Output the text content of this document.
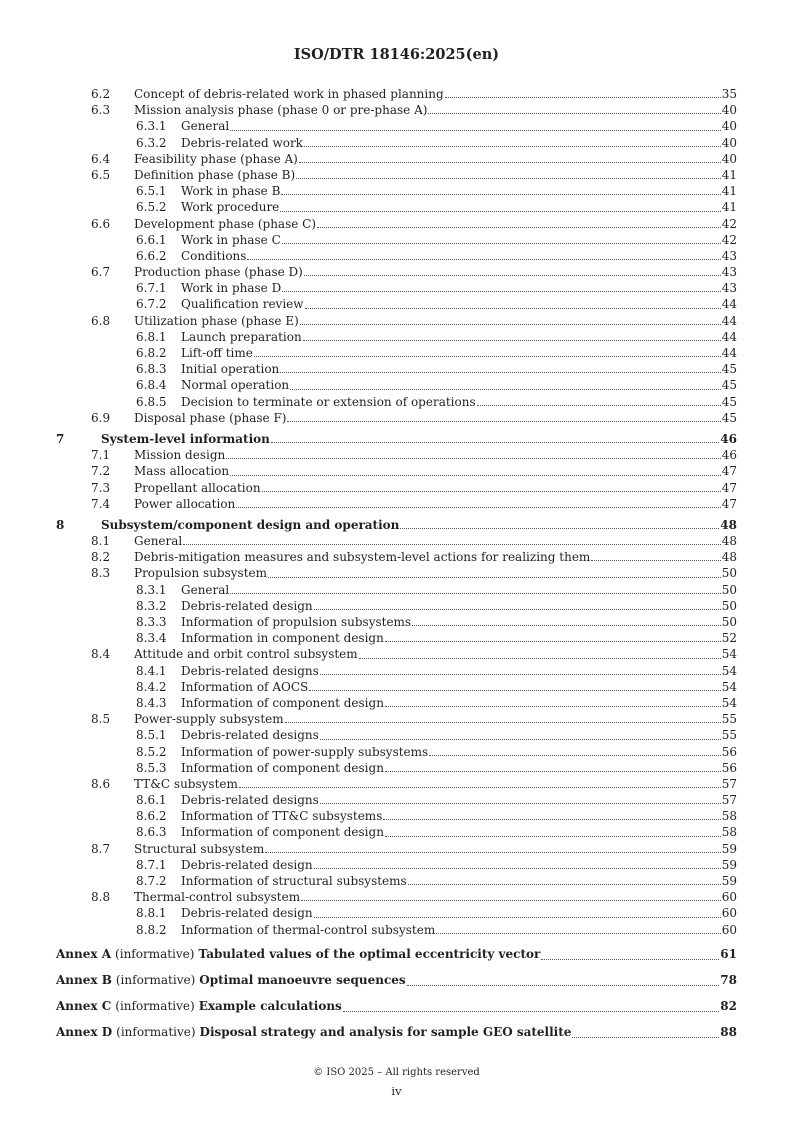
ISO/DTR 18146:2025(en)
6.2	Concept of debris-related work in phased planning	35
6.3	Mission analysis phase (phase 0 or pre-phase A)	40
6.3.1	General	40
6.3.2	Debris-related work	40
6.4	Feasibility phase (phase A)	40
6.5	Definition phase (phase B)	41
6.5.1	Work in phase B	41
6.5.2	Work procedure	41
6.6	Development phase (phase C)	42
6.6.1	Work in phase C	42
6.6.2	Conditions	43
6.7	Production phase (phase D)	43
6.7.1	Work in phase D	43
6.7.2	Qualification review	44
6.8	Utilization phase (phase E)	44
6.8.1	Launch preparation	44
6.8.2	Lift-off time	44
6.8.3	Initial operation	45
6.8.4	Normal operation	45
6.8.5	Decision to terminate or extension of operations	45
6.9	Disposal phase (phase F)	45
7	System-level information	46
7.1	Mission design	46
7.2	Mass allocation	47
7.3	Propellant allocation	47
7.4	Power allocation	47
8	Subsystem/component design and operation	48
8.1	General	48
8.2	Debris-mitigation measures and subsystem-level actions for realizing them	48
8.3	Propulsion subsystem	50
8.3.1	General	50
8.3.2	Debris-related design	50
8.3.3	Information of propulsion subsystems	50
8.3.4	Information in component design	52
8.4	Attitude and orbit control subsystem	54
8.4.1	Debris-related designs	54
8.4.2	Information of AOCS	54
8.4.3	Information of component design	54
8.5	Power-supply subsystem	55
8.5.1	Debris-related designs	55
8.5.2	Information of power-supply subsystems	56
8.5.3	Information of component design	56
8.6	TT&C subsystem	57
8.6.1	Debris-related designs	57
8.6.2	Information of TT&C subsystems	58
8.6.3	Information of component design	58
8.7	Structural subsystem	59
8.7.1	Debris-related design	59
8.7.2	Information of structural subsystems	59
8.8	Thermal-control subsystem	60
8.8.1	Debris-related design	60
8.8.2	Information of thermal-control subsystem	60
Annex A (informative) Tabulated values of the optimal eccentricity vector	61
Annex B (informative) Optimal manoeuvre sequences	78
Annex C (informative) Example calculations	82
Annex D (informative) Disposal strategy and analysis for sample GEO satellite	88
© ISO 2025 – All rights reserved
iv
